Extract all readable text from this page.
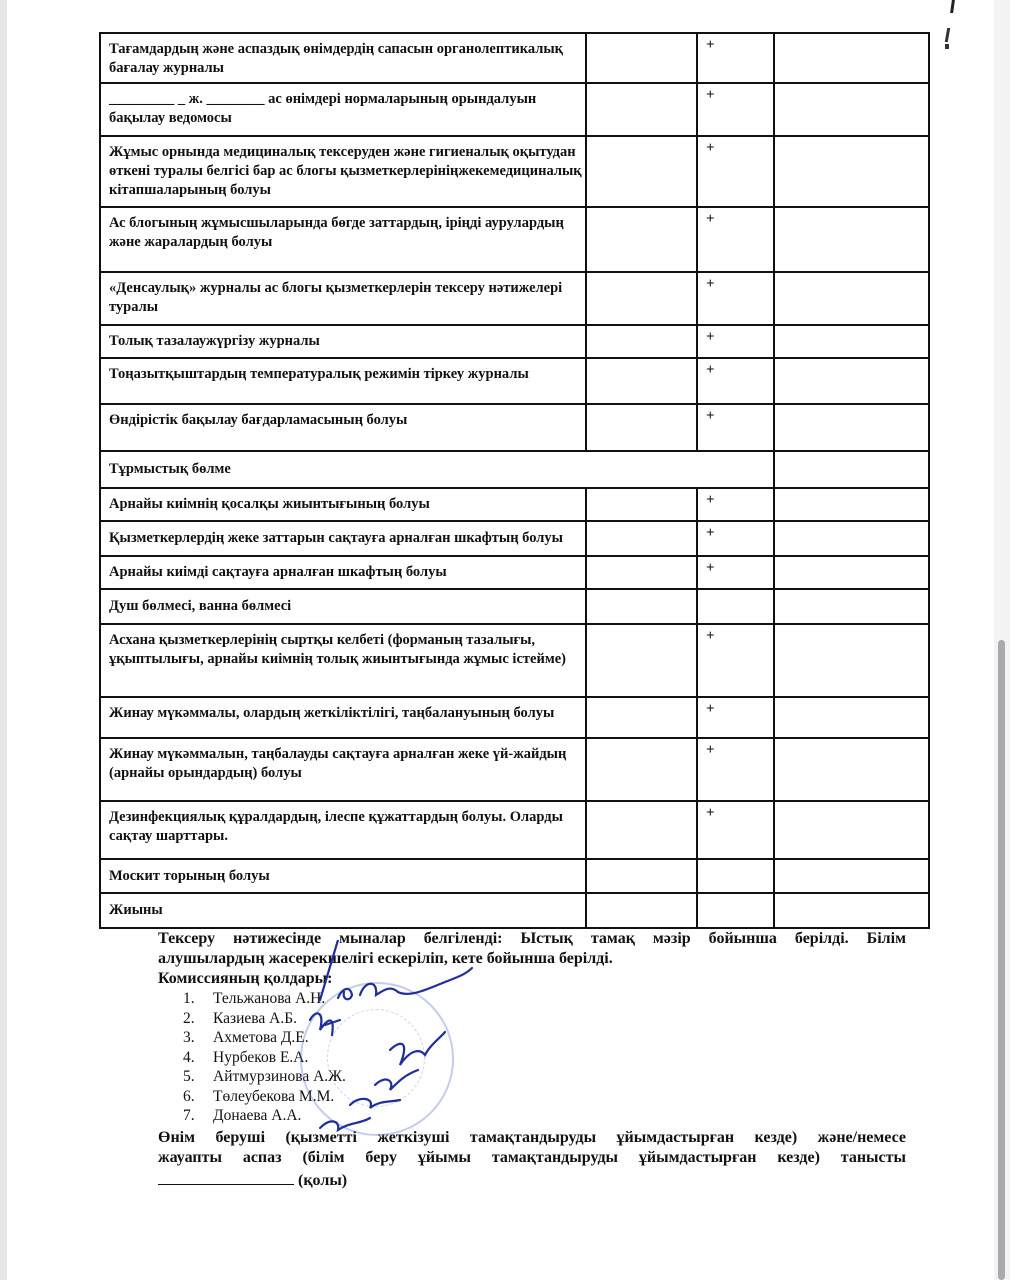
Тағамдардың және аспаздық өнімдердің сапасын органолептикалық бағалау журналы		+	
_________ _ ж. ________ ас өнімдері нормаларының орындалуын бақылау ведомосы		+	
Жұмыс орнында медициналық тексеруден және гигиеналық оқытудан өткені туралы белгісі бар ас блогы қызметкерлерініңжекемедициналық кітапшаларының болуы		+	
Ас блогының жұмысшыларында бөгде заттардың, іріңді аурулардың және жаралардың болуы		+	
«Денсаулық» журналы ас блогы қызметкерлерін тексеру нәтижелері туралы		+	
Толық тазалаужүргізу журналы		+	
Тоңазытқыштардың температуралық режимін тіркеу журналы		+	
Өндірістік бақылау бағдарламасының болуы		+	
Тұрмыстық бөлме			
Арнайы киімнің қосалқы жиынтығының болуы		+	
Қызметкерлердің жеке заттарын сақтауға арналған шкафтың болуы		+	
Арнайы киімді сақтауға арналған шкафтың болуы		+	
Душ бөлмесі, ванна бөлмесі			
Асхана қызметкерлерінің сыртқы келбеті (форманың тазалығы, ұқыптылығы, арнайы киімнің толық жиынтығында жұмыс істейме)		+	
Жинау мүкәммалы, олардың жеткіліктілігі, таңбалануының болуы		+	
Жинау мүкәммалын, таңбалауды сақтауға арналған жеке үй-жайдың (арнайы орындардың) болуы		+	
Дезинфекциялық құралдардың, ілеспе құжаттардың болуы. Оларды сақтау шарттары.		+	
Москит торының болуы			
Жиыны			

Тексеру нәтижесінде мыналар белгіленді: Ыстық тамақ мәзір бойынша берілді. Білім

алушылардың жасерекшелігі ескеріліп, кете бойынша берілді.

Комиссияның қолдары:

1. Тельжанова А.Н.
2. Казиева А.Б.
3. Ахметова Д.Е.
4. Нурбеков Е.А.
5. Айтмурзинова А.Ж.
6. Төлеубекова М.М.
7. Донаева А.А.

Өнім беруші (қызметті жеткізуші тамақтандыруды ұйымдастырған кезде) және/немесе

жауапты аспаз (білім беру ұйымы тамақтандыруды ұйымдастырған кезде) танысты

(қолы)
